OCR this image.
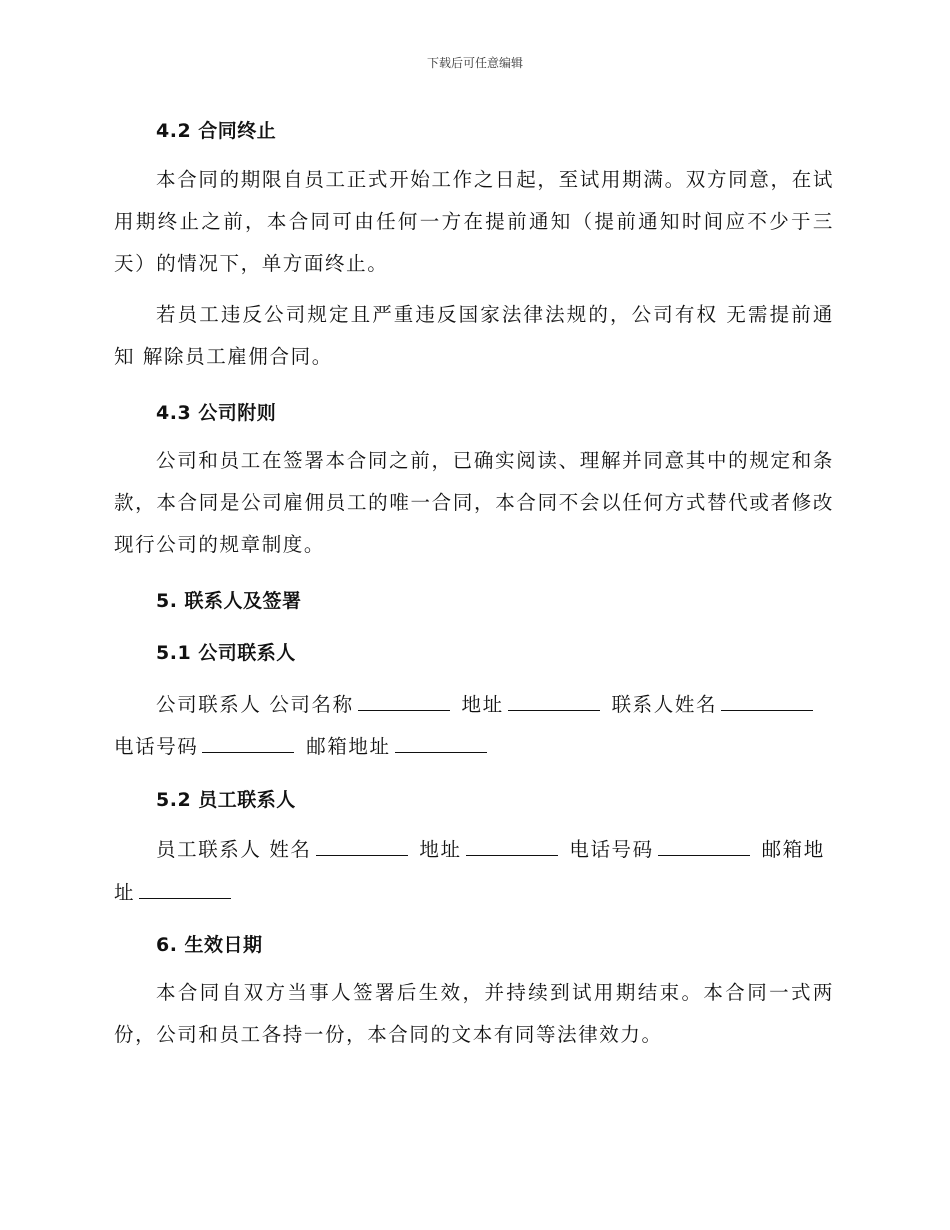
下载后可任意编辑
4.2 合同终止
本合同的期限自员工正式开始工作之日起，至试用期满。双方同意，在试用期终止之前，本合同可由任何一方在提前通知（提前通知时间应不少于三天）的情况下，单方面终止。
若员工违反公司规定且严重违反国家法律法规的，公司有权 无需提前通知 解除员工雇佣合同。
4.3 公司附则
公司和员工在签署本合同之前，已确实阅读、理解并同意其中的规定和条款，本合同是公司雇佣员工的唯一合同，本合同不会以任何方式替代或者修改现行公司的规章制度。
5. 联系人及签署
5.1 公司联系人
公司联系人 公司名称	地址	联系人姓名
电话号码	邮箱地址
5.2 员工联系人
员工联系人 姓名	地址	电话号码	邮箱地
址
6. 生效日期
本合同自双方当事人签署后生效，并持续到试用期结束。本合同一式两份，公司和员工各持一份，本合同的文本有同等法律效力。
